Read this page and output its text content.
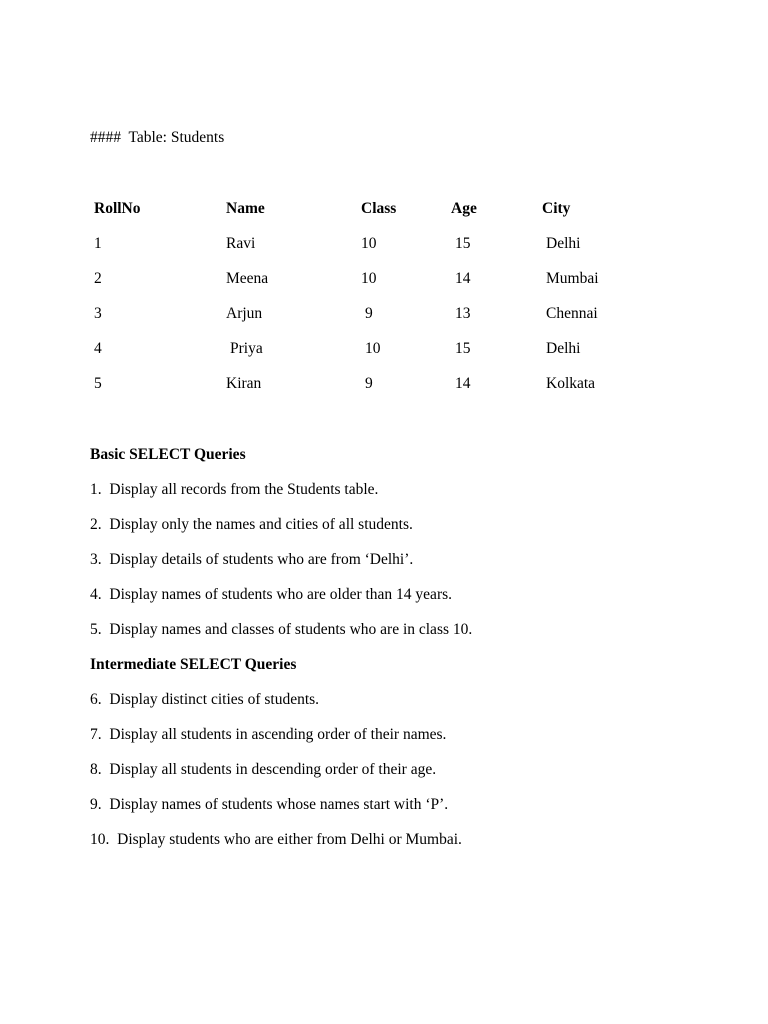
####  Table: Students
RollNo	Name	Class	Age	City
1	Ravi	10	15	Delhi
2	Meena	10	14	Mumbai
3	Arjun	9	13	Chennai
4	Priya	10	15	Delhi
5	Kiran	9	14	Kolkata
Basic SELECT Queries
1.  Display all records from the Students table.
2.  Display only the names and cities of all students.
3.  Display details of students who are from ‘Delhi’.
4.  Display names of students who are older than 14 years.
5.  Display names and classes of students who are in class 10.
Intermediate SELECT Queries
6.  Display distinct cities of students.
7.  Display all students in ascending order of their names.
8.  Display all students in descending order of their age.
9.  Display names of students whose names start with ‘P’.
10.  Display students who are either from Delhi or Mumbai.
